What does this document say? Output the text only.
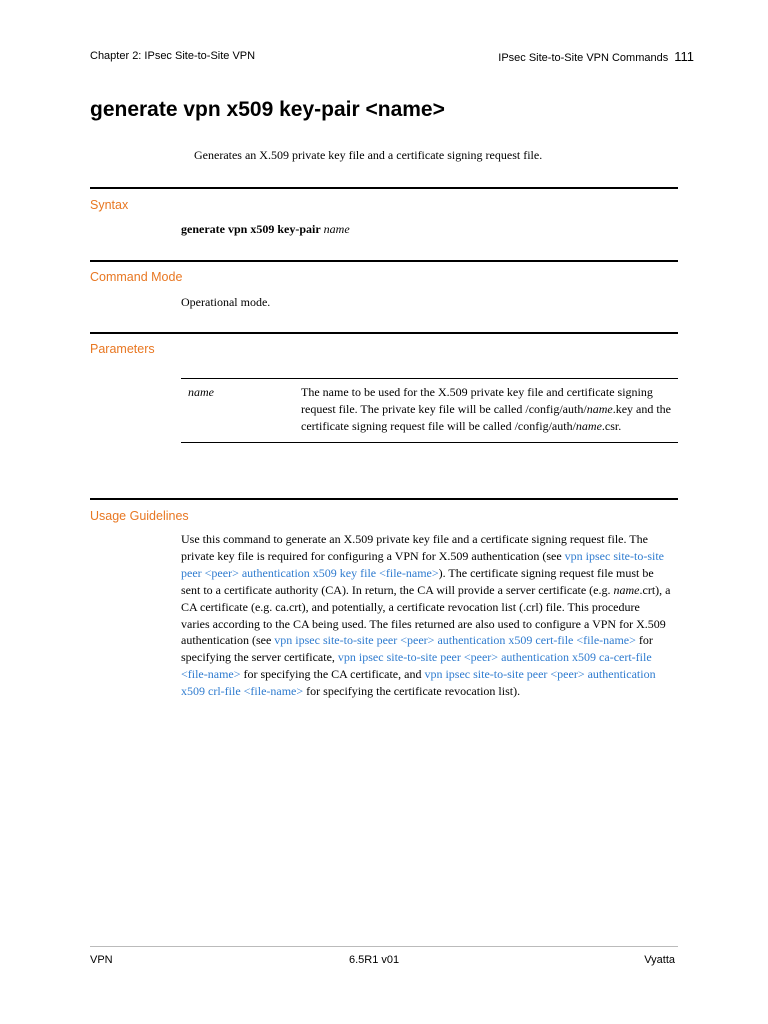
Chapter 2: IPsec Site-to-Site VPN	IPsec Site-to-Site VPN Commands 111
generate vpn x509 key-pair <name>
Generates an X.509 private key file and a certificate signing request file.
Syntax
generate vpn x509 key-pair name
Command Mode
Operational mode.
Parameters
name	The name to be used for the X.509 private key file and certificate signing request file. The private key file will be called /config/auth/name.key and the certificate signing request file will be called /config/auth/name.csr.
Usage Guidelines
Use this command to generate an X.509 private key file and a certificate signing request file. The private key file is required for configuring a VPN for X.509 authentication (see vpn ipsec site-to-site peer <peer> authentication x509 key file <file-name>). The certificate signing request file must be sent to a certificate authority (CA). In return, the CA will provide a server certificate (e.g. name.crt), a CA certificate (e.g. ca.crt), and potentially, a certificate revocation list (.crl) file. This procedure varies according to the CA being used. The files returned are also used to configure a VPN for X.509 authentication (see vpn ipsec site-to-site peer <peer> authentication x509 cert-file <file-name> for specifying the server certificate, vpn ipsec site-to-site peer <peer> authentication x509 ca-cert-file <file-name> for specifying the CA certificate, and vpn ipsec site-to-site peer <peer> authentication x509 crl-file <file-name> for specifying the certificate revocation list).
VPN	6.5R1 v01	Vyatta
